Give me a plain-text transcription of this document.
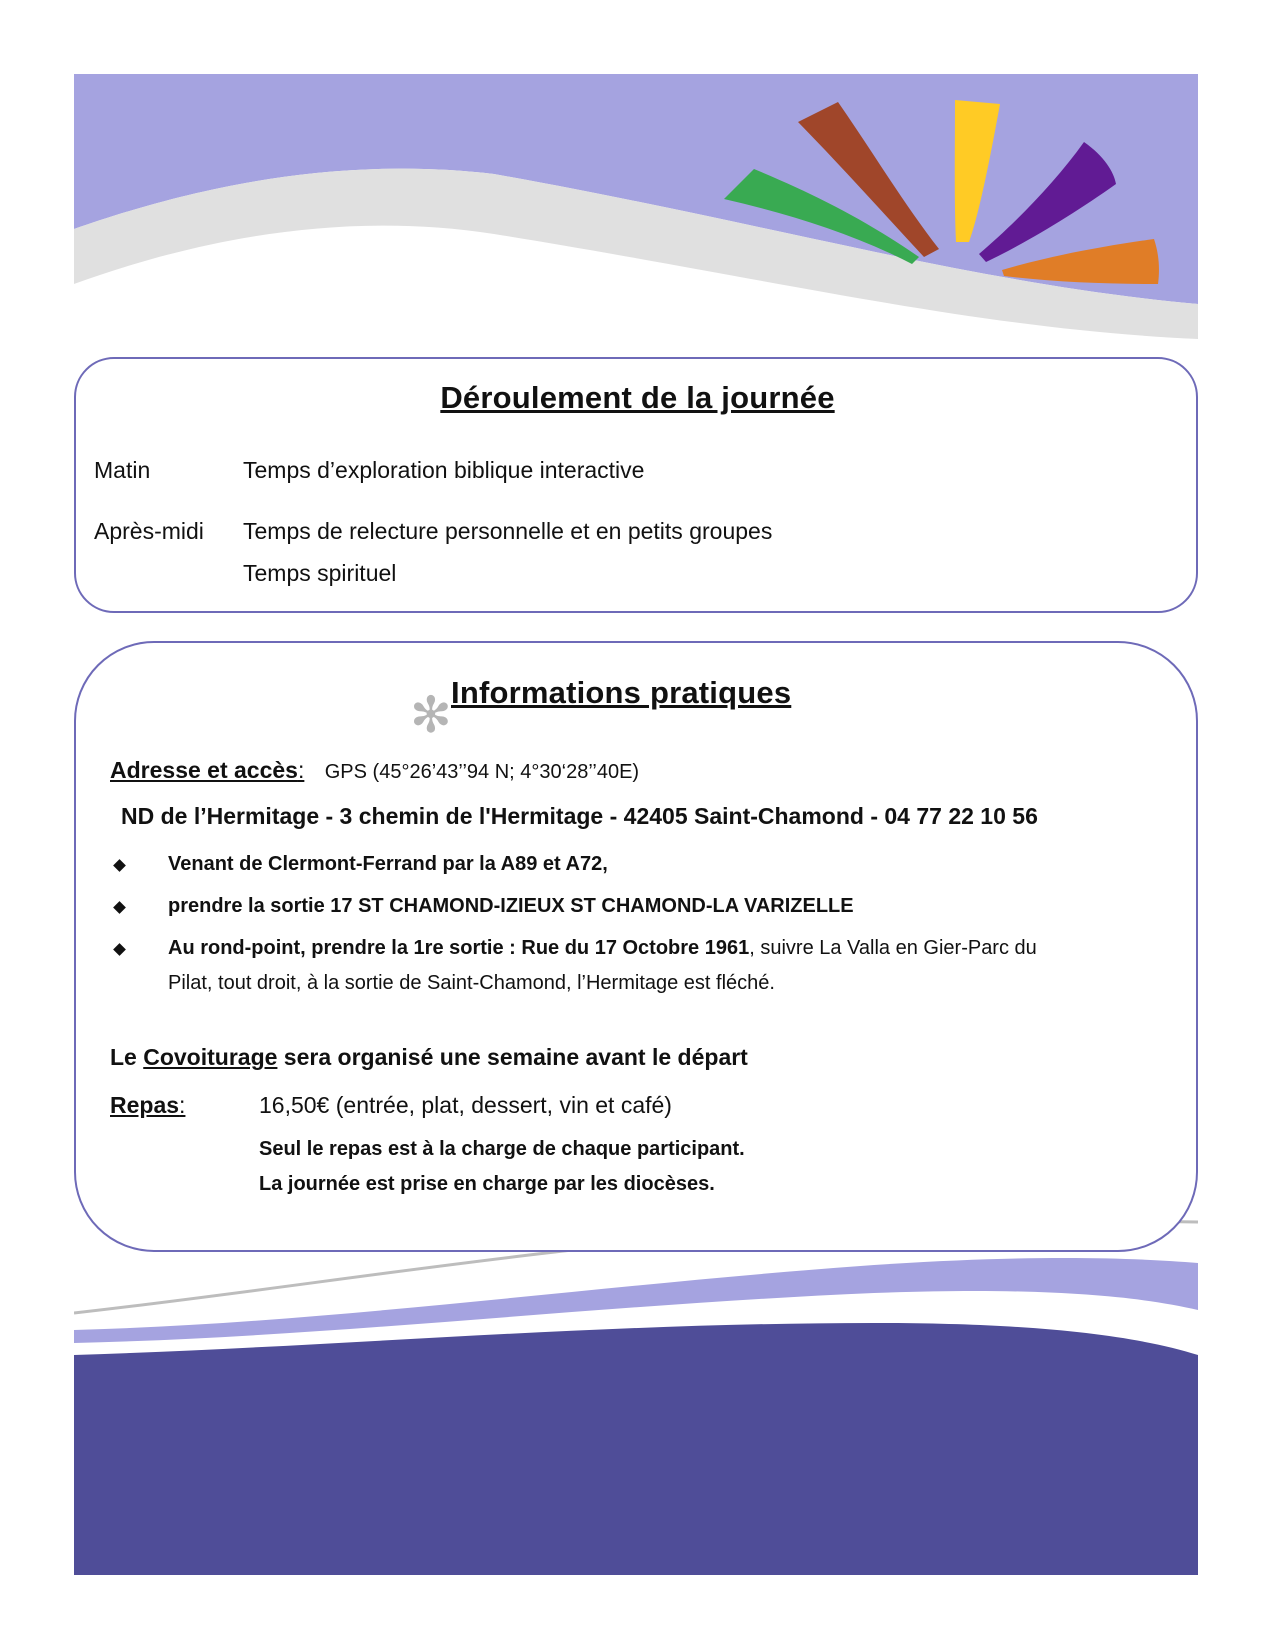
Déroulement de la journée
Matin	Temps d’exploration biblique interactive
Après-midi Temps de relecture personnelle et en petits groupes
Temps spirituel
✻ Informations pratiques
Adresse et accès: GPS (45°26’43’’94 N; 4°30‘28’’40E)
ND de l’Hermitage - 3 chemin de l'Hermitage - 42405 Saint-Chamond - 04 77 22 10 56
Venant de Clermont-Ferrand par la A89 et A72,
prendre la sortie 17 ST CHAMOND-IZIEUX ST CHAMOND-LA VARIZELLE
Au rond-point, prendre la 1re sortie : Rue du 17 Octobre 1961, suivre La Valla en Gier-Parc du
Pilat, tout droit, à la sortie de Saint-Chamond, l’Hermitage est fléché.
Le Covoiturage sera organisé une semaine avant le départ
Repas:	16,50€ (entrée, plat, dessert, vin et café)
Seul le repas est à la charge de chaque participant.
La journée est prise en charge par les diocèses.
